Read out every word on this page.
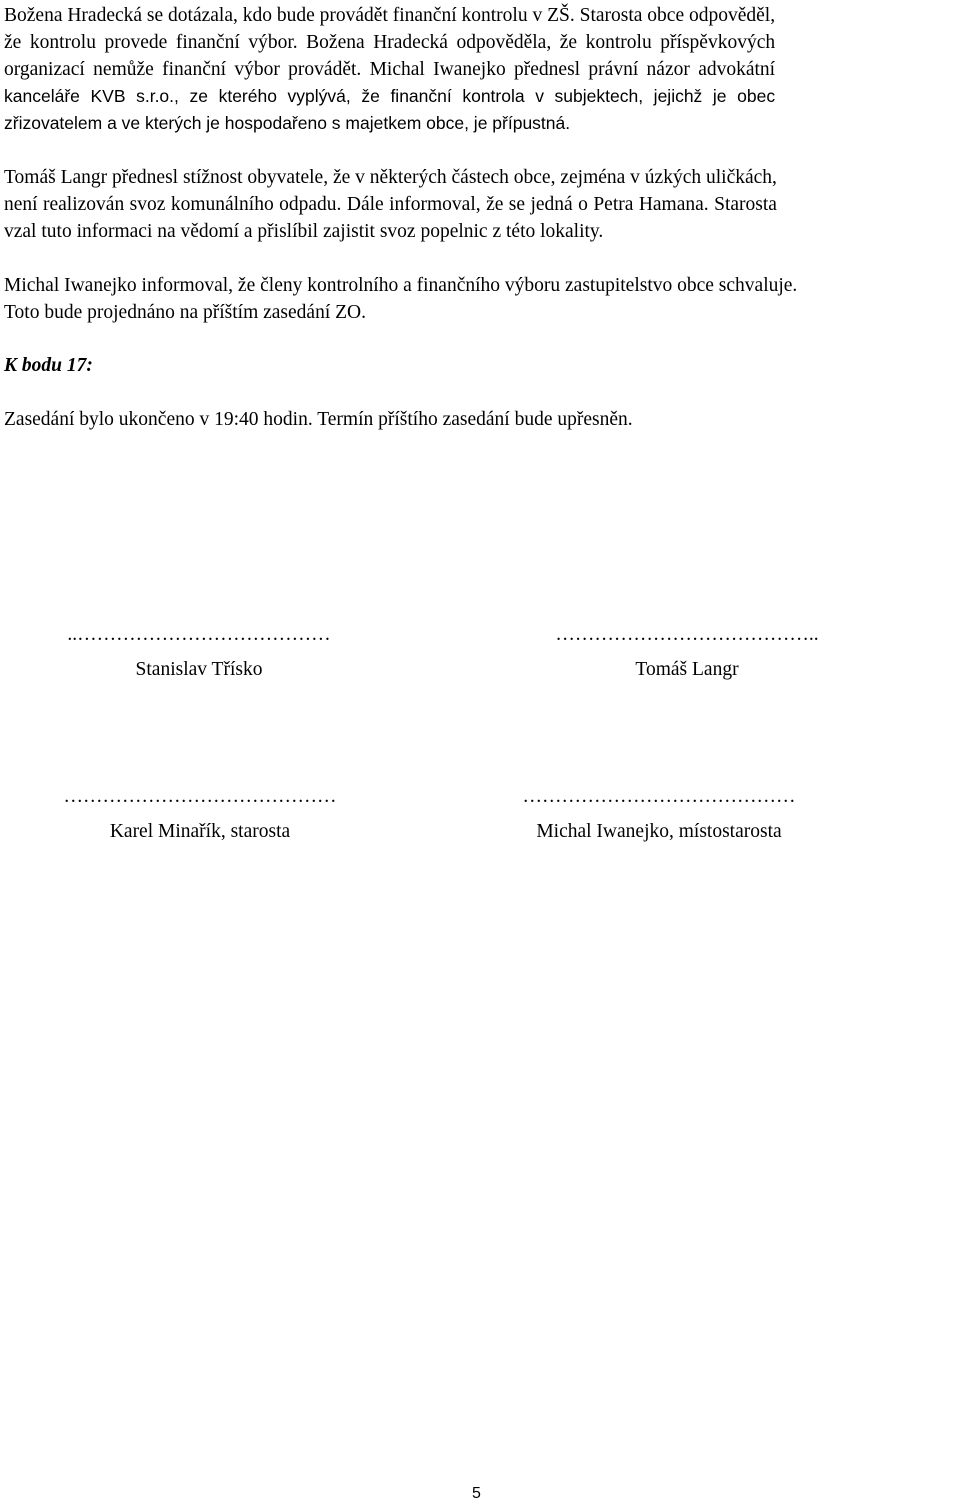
Božena Hradecká se dotázala, kdo bude provádět finanční kontrolu v ZŠ. Starosta obce odpověděl,
že kontrolu provede finanční výbor. Božena Hradecká odpověděla, že kontrolu příspěvkových
organizací nemůže finanční výbor provádět. Michal Iwanejko přednesl právní názor advokátní
kanceláře KVB s.r.o., ze kterého vyplývá, že finanční kontrola v subjektech, jejichž je obec
zřizovatelem a ve kterých je hospodařeno s majetkem obce, je přípustná.
Tomáš Langr přednesl stížnost obyvatele, že v některých částech obce, zejména v úzkých uličkách,
není realizován svoz komunálního odpadu. Dále informoval, že se jedná o Petra Hamana. Starosta
vzal tuto informaci na vědomí a přislíbil zajistit svoz popelnic z této lokality.
Michal Iwanejko informoval, že členy kontrolního a finančního výboru zastupitelstvo obce schvaluje.
Toto bude projednáno na příštím zasedání ZO.

K bodu 17:

Zasedání bylo ukončeno v 19:40 hodin. Termín příštího zasedání bude upřesněn.

..…………………………………
Stanislav Třísko
…………………………………..
Tomáš Langr
……………………………………
Karel Minařík, starosta
……………………………………
Michal Iwanejko, místostarosta
5
